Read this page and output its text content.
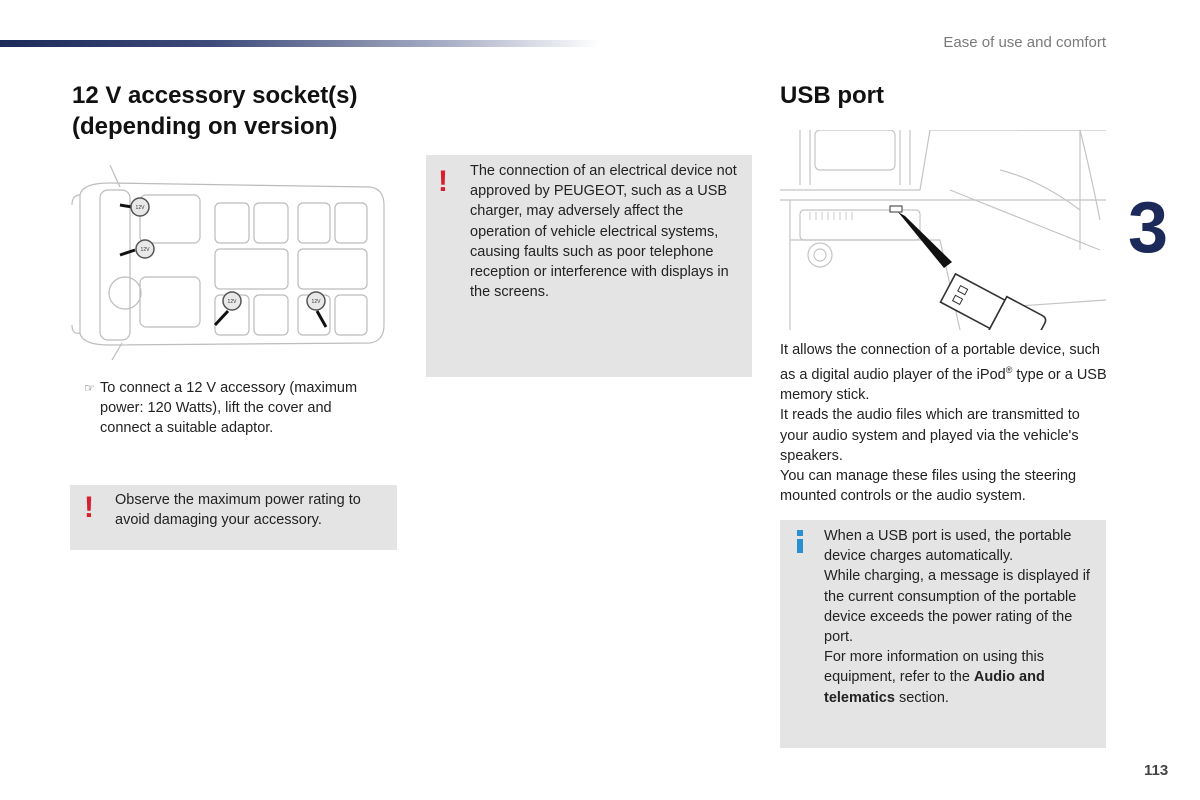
Ease of use and comfort
3
113
12 V accessory socket(s)
(depending on version)
12V
12V
12V	12V
☞ To connect a 12 V accessory (maximum power: 120 Watts), lift the cover and connect a suitable adaptor.

! Observe the maximum power rating to avoid damaging your accessory.

! The connection of an electrical device not approved by PEUGEOT, such as a USB charger, may adversely affect the operation of vehicle electrical systems, causing faults such as poor telephone reception or interference with displays in the screens.

USB port

It allows the connection of a portable device, such as a digital audio player of the iPod® type or a USB memory stick.

It reads the audio files which are transmitted to your audio system and played via the vehicle's speakers.

You can manage these files using the steering mounted controls or the audio system.

When a USB port is used, the portable device charges automatically.

While charging, a message is displayed if the current consumption of the portable device exceeds the power rating of the port.

For more information on using this equipment, refer to the Audio and telematics section.
